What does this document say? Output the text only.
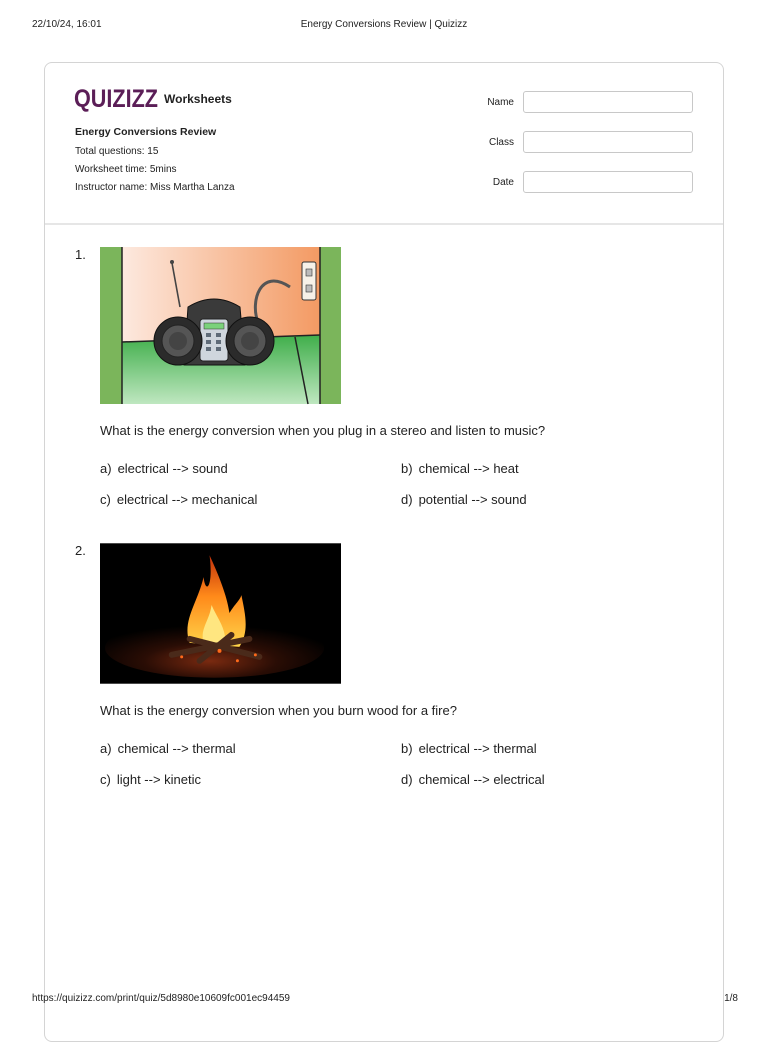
22/10/24, 16:01	Energy Conversions Review | Quizizz
QUIZIZZ Worksheets
Energy Conversions Review
Total questions: 15
Worksheet time: 5mins
Instructor name: Miss Martha Lanza
Name
Class
Date
1.
What is the energy conversion when you plug in a stereo and listen to music?
a) electrical --> sound	b) chemical --> heat
c) electrical --> mechanical	d) potential --> sound
2.
What is the energy conversion when you burn wood for a fire?
a) chemical --> thermal	b) electrical --> thermal
c) light --> kinetic	d) chemical --> electrical
https://quizizz.com/print/quiz/5d8980e10609fc001ec94459	1/8
